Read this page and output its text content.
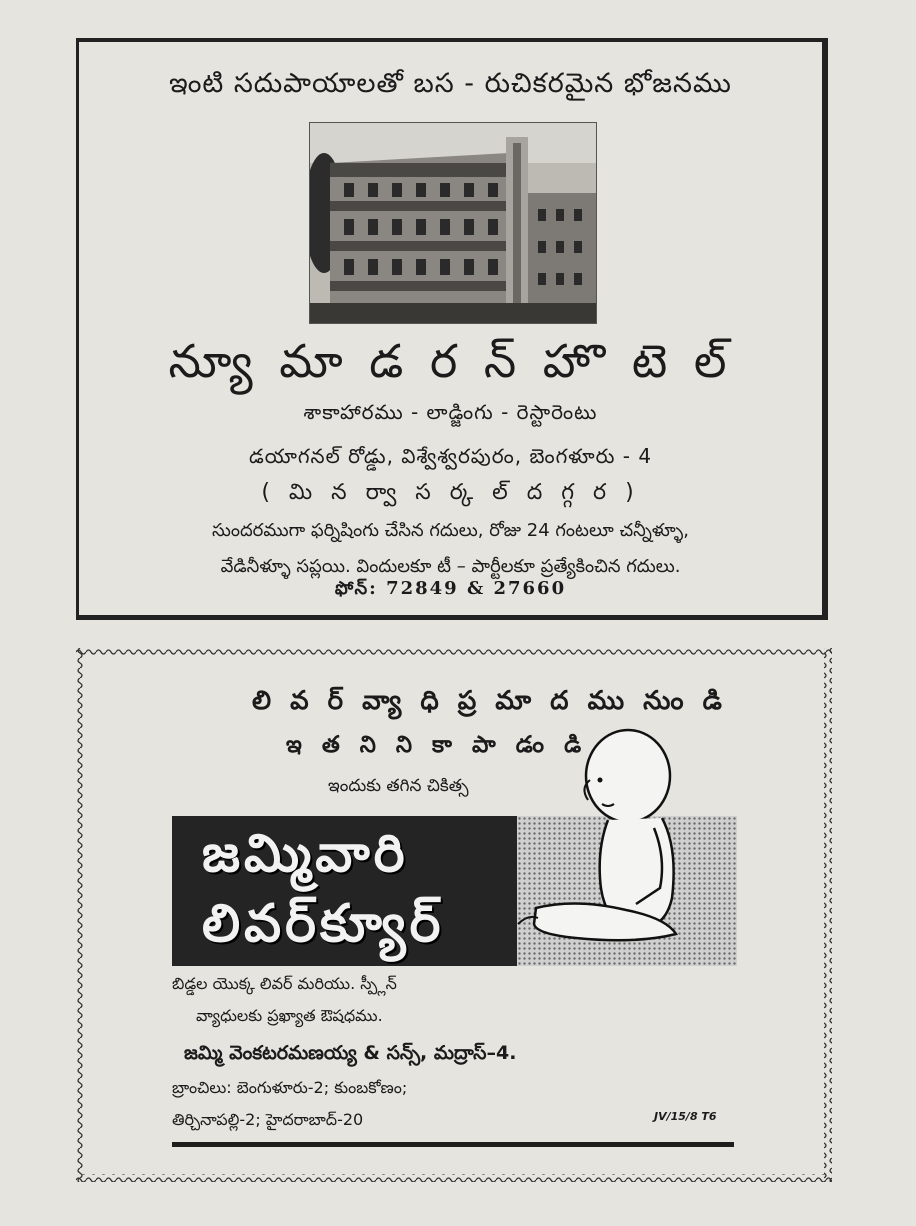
ఇంటి సదుపాయాలతో బస - రుచికరమైన భోజనము
న్యూ మా డ ర న్ హొ టె ల్
శాకాహారము - లాడ్జింగు - రెస్టారెంటు
డయాగనల్ రోడ్డు, విశ్వేశ్వరపురం, బెంగళూరు - 4
( మి న ర్వా స ర్క ల్ ద గ్గ ర )
సుందరముగా ఫర్నిషింగు చేసిన గదులు, రోజు 24 గంటలూ చన్నీళ్ళూ,
వేడినీళ్ళూ సప్లయి. విందులకూ టీ – పార్టీలకూ ప్రత్యేకించిన గదులు.
ఫోన్: 72849 & 27660
లి వ ర్ వ్యా ధి ప్ర మా ద ము నుం డి
ఇ త ని ని కా పా డం డి
ఇందుకు తగిన చికిత్స
జమ్మివారి
లివర్‌క్యూర్
బిడ్డల యొక్క లివర్ మరియు. స్ప్లీన్
వ్యాధులకు ప్రఖ్యాత ఔషధము.
జమ్మి వెంకటరమణయ్య & సన్స్, మద్రాస్–4.
బ్రాంచిలు: బెంగుళూరు-2; కుంబకోణం;
తిర్చినాపల్లి-2; హైదరాబాద్-20	JV/15/8 T6
